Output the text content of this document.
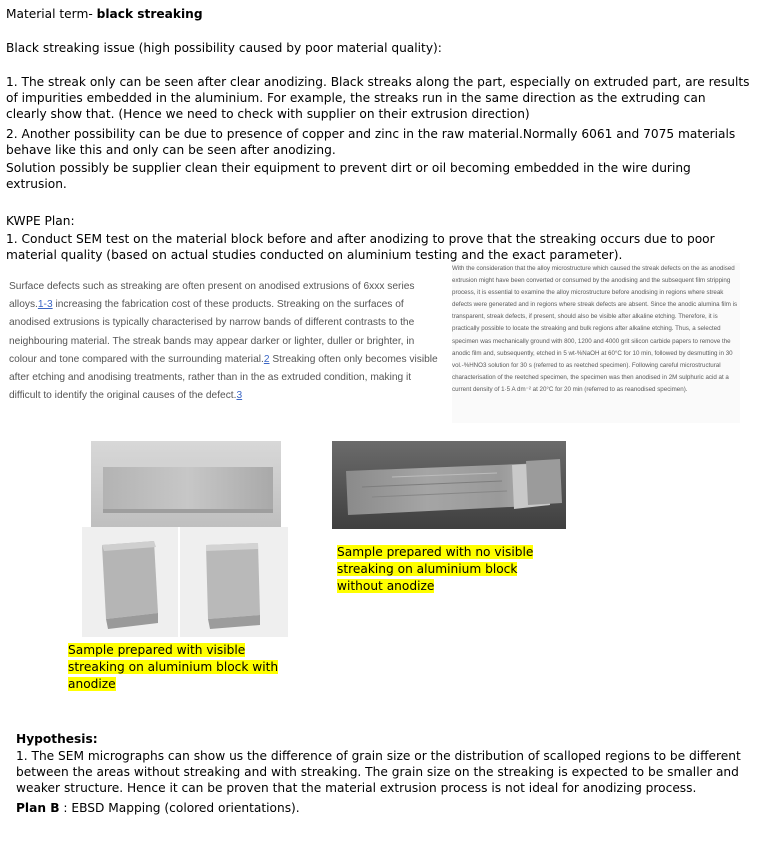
Material term- black streaking
Black streaking issue (high possibility caused by poor material quality):
1. The streak only can be seen after clear anodizing. Black streaks along the part, especially on extruded part, are results of impurities embedded in the aluminium. For example, the streaks run in the same direction as the extruding can clearly show that. (Hence we need to check with supplier on their extrusion direction)
2. Another possibility can be due to presence of copper and zinc in the raw material.Normally 6061 and 7075 materials behave like this and only can be seen after anodizing.
Solution possibly be supplier clean their equipment to prevent dirt or oil becoming embedded in the wire during extrusion.
KWPE Plan:
1. Conduct SEM test on the material block before and after anodizing to prove that the streaking occurs due to poor material quality (based on actual studies conducted on aluminium testing and the exact parameter).
Surface defects such as streaking are often present on anodised extrusions of 6xxx series alloys.1-3 increasing the fabrication cost of these products. Streaking on the surfaces of anodised extrusions is typically characterised by narrow bands of different contrasts to the neighbouring material. The streak bands may appear darker or lighter, duller or brighter, in colour and tone compared with the surrounding material.2 Streaking often only becomes visible after etching and anodising treatments, rather than in the as extruded condition, making it difficult to identify the original causes of the defect.3
With the consideration that the alloy microstructure which caused the streak defects on the as anodised extrusion might have been converted or consumed by the anodising and the subsequent film stripping process, it is essential to examine the alloy microstructure before anodising in regions where streak defects were generated and in regions where streak defects are absent. Since the anodic alumina film is transparent, streak defects, if present, should also be visible after alkaline etching. Therefore, it is practically possible to locate the streaking and bulk regions after alkaline etching. Thus, a selected specimen was mechanically ground with 800, 1200 and 4000 grit silicon carbide papers to remove the anodic film and, subsequently, etched in 5 wt-%NaOH at 60°C for 10 min, followed by desmutting in 30 vol.-%HNO3 solution for 30 s (referred to as reetched specimen). Following careful microstructural characterisation of the reetched specimen, the specimen was then anodised in 2M sulphuric acid at a current density of 1·5 A dm⁻² at 20°C for 20 min (referred to as reanodised specimen).
Sample prepared with no visible streaking on aluminium block without anodize
Sample prepared with visible streaking on aluminium block with anodize
Hypothesis:
1. The SEM micrographs can show us the difference of grain size or the distribution of scalloped regions to be different between the areas without streaking and with streaking. The grain size on the streaking is expected to be smaller and weaker structure. Hence it can be proven that the material extrusion process is not ideal for anodizing process.
Plan B : EBSD Mapping (colored orientations).
